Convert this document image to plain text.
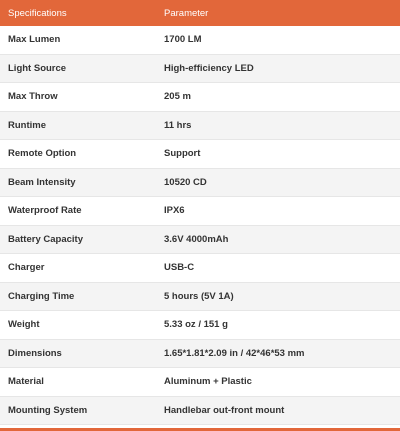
Specifications	Parameter
Max Lumen	1700 LM
Light Source	High-efficiency LED
Max Throw	205 m
Runtime	11 hrs
Remote Option	Support
Beam Intensity	10520 CD
Waterproof Rate	IPX6
Battery Capacity	3.6V 4000mAh
Charger	USB-C
Charging Time	5 hours (5V 1A)
Weight	5.33 oz / 151 g
Dimensions	1.65*1.81*2.09 in / 42*46*53 mm
Material	Aluminum + Plastic
Mounting System	Handlebar out-front mount
